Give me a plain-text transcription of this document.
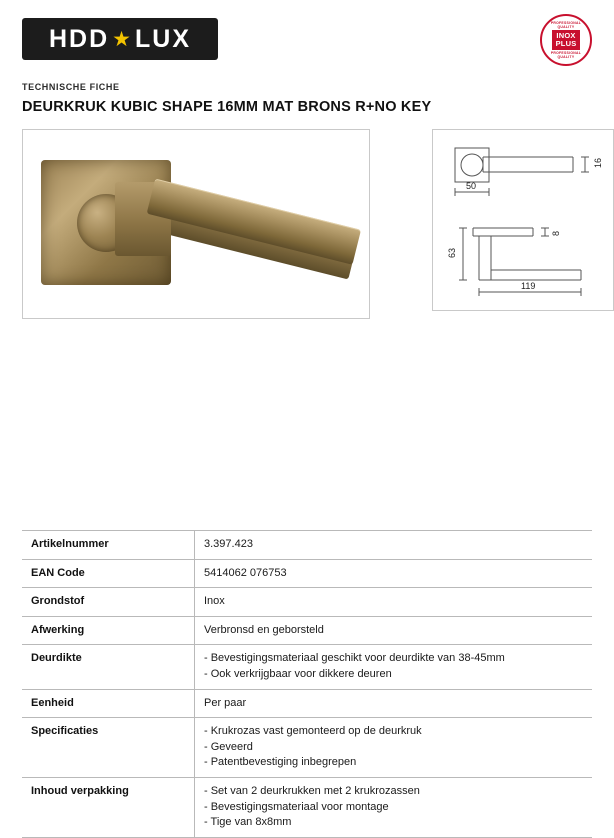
HDD ★ LUX
PROFESSIONAL QUALITY
INOX
PLUS
PROFESSIONAL QUALITY
TECHNISCHE FICHE
DEURKRUK KUBIC SHAPE 16MM MAT BRONS R+NO KEY
50
16
63
8
119
Artikelnummer	3.397.423

EAN Code	5414062 076753

Grondstof	Inox

Afwerking	Verbronsd en geborsteld

Deurdikte	- Bevestigingsmateriaal geschikt voor deurdikte van 38-45mm
- Ook verkrijgbaar voor dikkere deuren

Eenheid	Per paar

Specificaties	- Krukrozas vast gemonteerd op de deurkruk
- Geveerd
- Patentbevestiging inbegrepen

Inhoud verpakking	- Set van 2 deurkrukken met 2 krukrozassen
- Bevestigingsmateriaal voor montage
- Tige van 8x8mm
